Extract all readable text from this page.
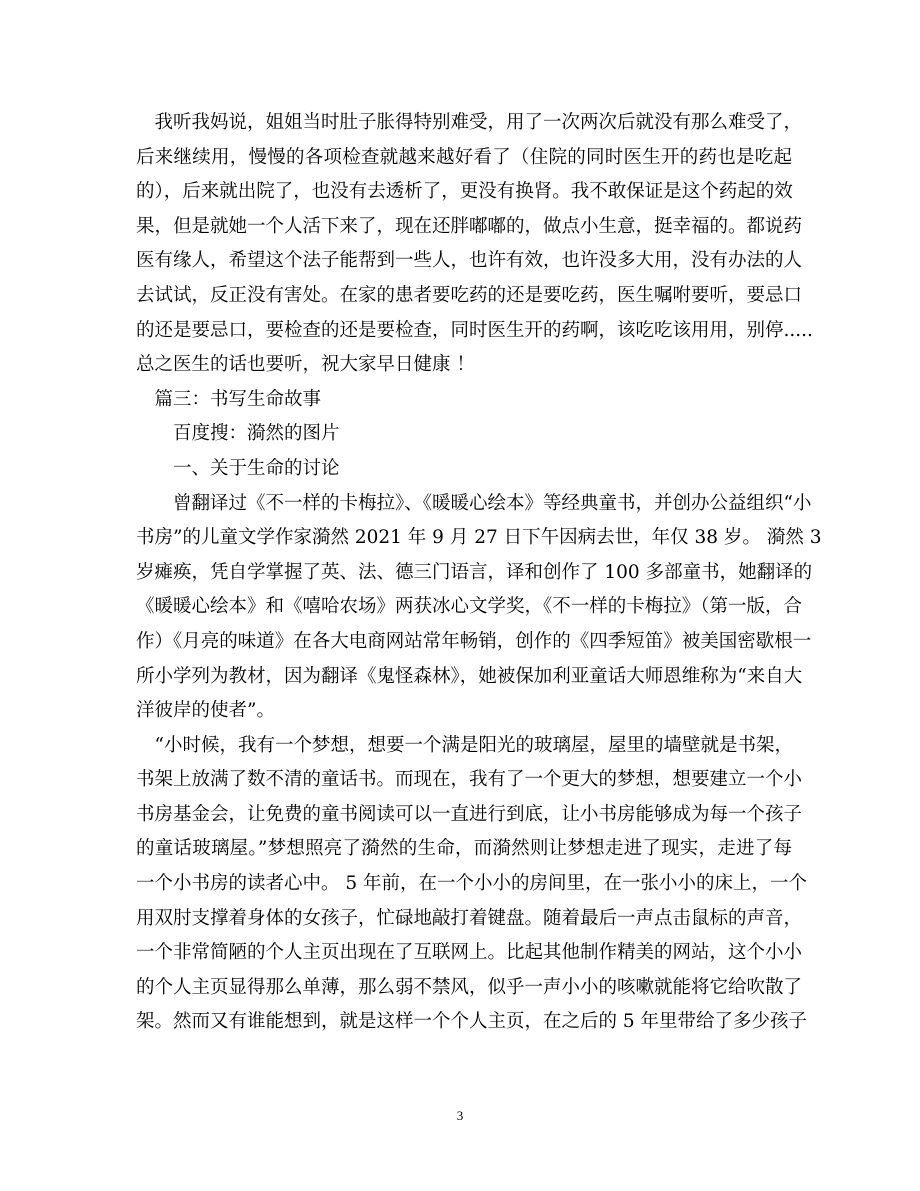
　我听我妈说，姐姐当时肚子胀得特别难受，用了一次两次后就没有那么难受了，
后来继续用，慢慢的各项检查就越来越好看了（住院的同时医生开的药也是吃起
的），后来就出院了，也没有去透析了，更没有换肾。我不敢保证是这个药起的效
果，但是就她一个人活下来了，现在还胖嘟嘟的，做点小生意，挺幸福的。都说药
医有缘人，希望这个法子能帮到一些人，也许有效，也许没多大用，没有办法的人
去试试，反正没有害处。在家的患者要吃药的还是要吃药，医生嘱咐要听，要忌口
的还是要忌口，要检查的还是要检查，同时医生开的药啊，该吃吃该用用，别停.....
总之医生的话也要听，祝大家早日健康 ！
　篇三：书写生命故事
　　百度搜：漪然的图片
　　一、关于生命的讨论
　　曾翻译过《不一样的卡梅拉》、《暖暖心绘本》等经典童书，并创办公益组织“小
书房”的儿童文学作家漪然 2021 年 9 月 27 日下午因病去世，年仅 38 岁。 漪然 3
岁瘫痪，凭自学掌握了英、法、德三门语言，译和创作了 100 多部童书，她翻译的
《暖暖心绘本》和《嘻哈农场》两获冰心文学奖，《不一样的卡梅拉》（第一版，合
作）《月亮的味道》在各大电商网站常年畅销，创作的《四季短笛》被美国密歇根一
所小学列为教材，因为翻译《鬼怪森林》，她被保加利亚童话大师恩维称为“来自大
洋彼岸的使者”。
　“小时候，我有一个梦想，想要一个满是阳光的玻璃屋，屋里的墙壁就是书架，
书架上放满了数不清的童话书。而现在，我有了一个更大的梦想，想要建立一个小
书房基金会，让免费的童书阅读可以一直进行到底，让小书房能够成为每一个孩子
的童话玻璃屋。”梦想照亮了漪然的生命，而漪然则让梦想走进了现实，走进了每
一个小书房的读者心中。 5 年前，在一个小小的房间里，在一张小小的床上，一个
用双肘支撑着身体的女孩子，忙碌地敲打着键盘。随着最后一声点击鼠标的声音，
一个非常简陋的个人主页出现在了互联网上。比起其他制作精美的网站，这个小小
的个人主页显得那么单薄，那么弱不禁风，似乎一声小小的咳嗽就能将它给吹散了
架。然而又有谁能想到，就是这样一个个人主页，在之后的 5 年里带给了多少孩子
3
